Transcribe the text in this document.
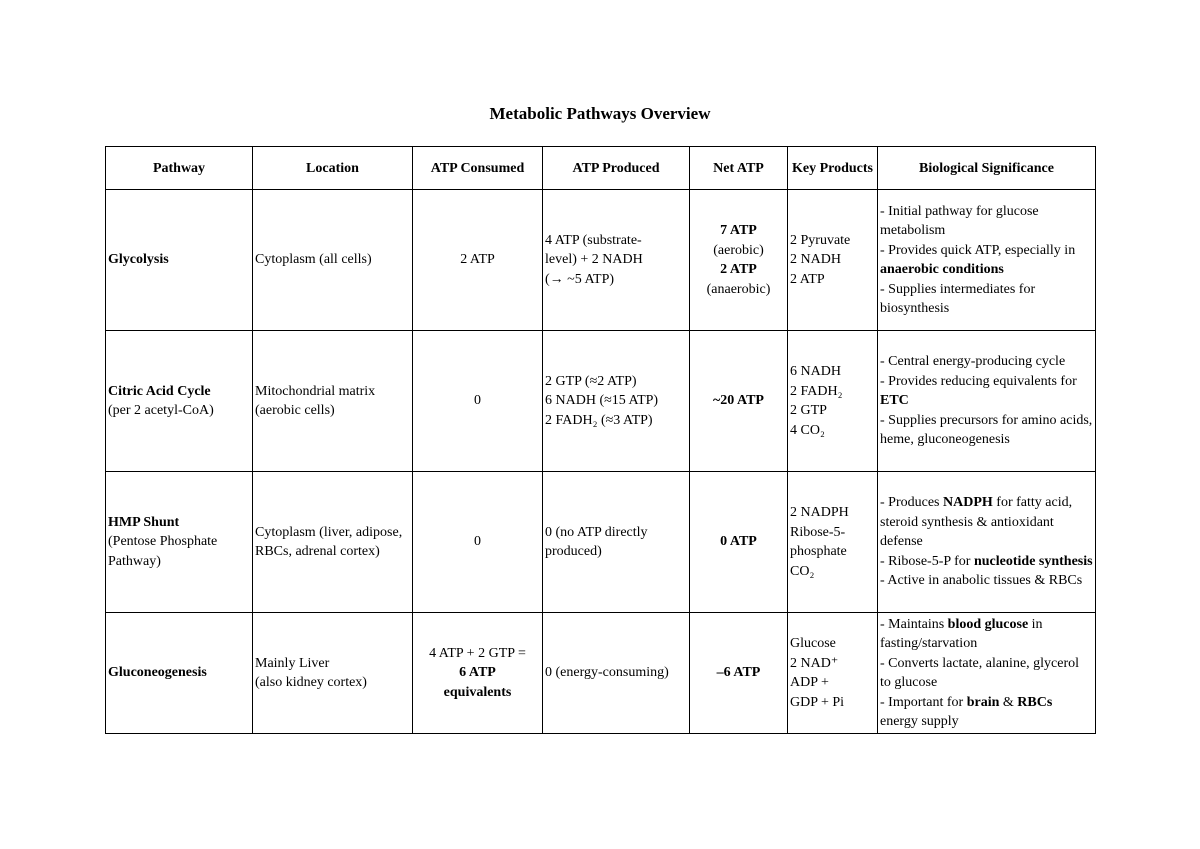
Metabolic Pathways Overview
Pathway	Location	ATP Consumed	ATP Produced	Net ATP	Key Products	Biological Significance
Glycolysis	Cytoplasm (all cells)	2 ATP	4 ATP (substrate-
level) + 2 NADH
(→ ~5 ATP)	7 ATP
(aerobic)
2 ATP
(anaerobic)	2 Pyruvate
2 NADH
2 ATP	- Initial pathway for glucose metabolism
- Provides quick ATP, especially in anaerobic conditions
- Supplies intermediates for biosynthesis

Citric Acid Cycle
(per 2 acetyl-CoA)	Mitochondrial matrix
(aerobic cells)	0	2 GTP (≈2 ATP)
6 NADH (≈15 ATP)
2 FADH₂ (≈3 ATP)	~20 ATP	6 NADH
2 FADH₂
2 GTP
4 CO₂	- Central energy-producing cycle
- Provides reducing equivalents for ETC
- Supplies precursors for amino acids, heme, gluconeogenesis

HMP Shunt
(Pentose Phosphate Pathway)	Cytoplasm (liver, adipose, RBCs, adrenal cortex)	0	0 (no ATP directly produced)	0 ATP	2 NADPH
Ribose-5-phosphate
CO₂	- Produces NADPH for fatty acid, steroid synthesis & antioxidant defense
- Ribose-5-P for nucleotide synthesis
- Active in anabolic tissues & RBCs

Gluconeogenesis	Mainly Liver
(also kidney cortex)	4 ATP + 2 GTP =
6 ATP
equivalents	0 (energy-consuming)	–6 ATP	Glucose
2 NAD⁺
ADP +
GDP + Pi	- Maintains blood glucose in fasting/starvation
- Converts lactate, alanine, glycerol to glucose
- Important for brain & RBCs energy supply
